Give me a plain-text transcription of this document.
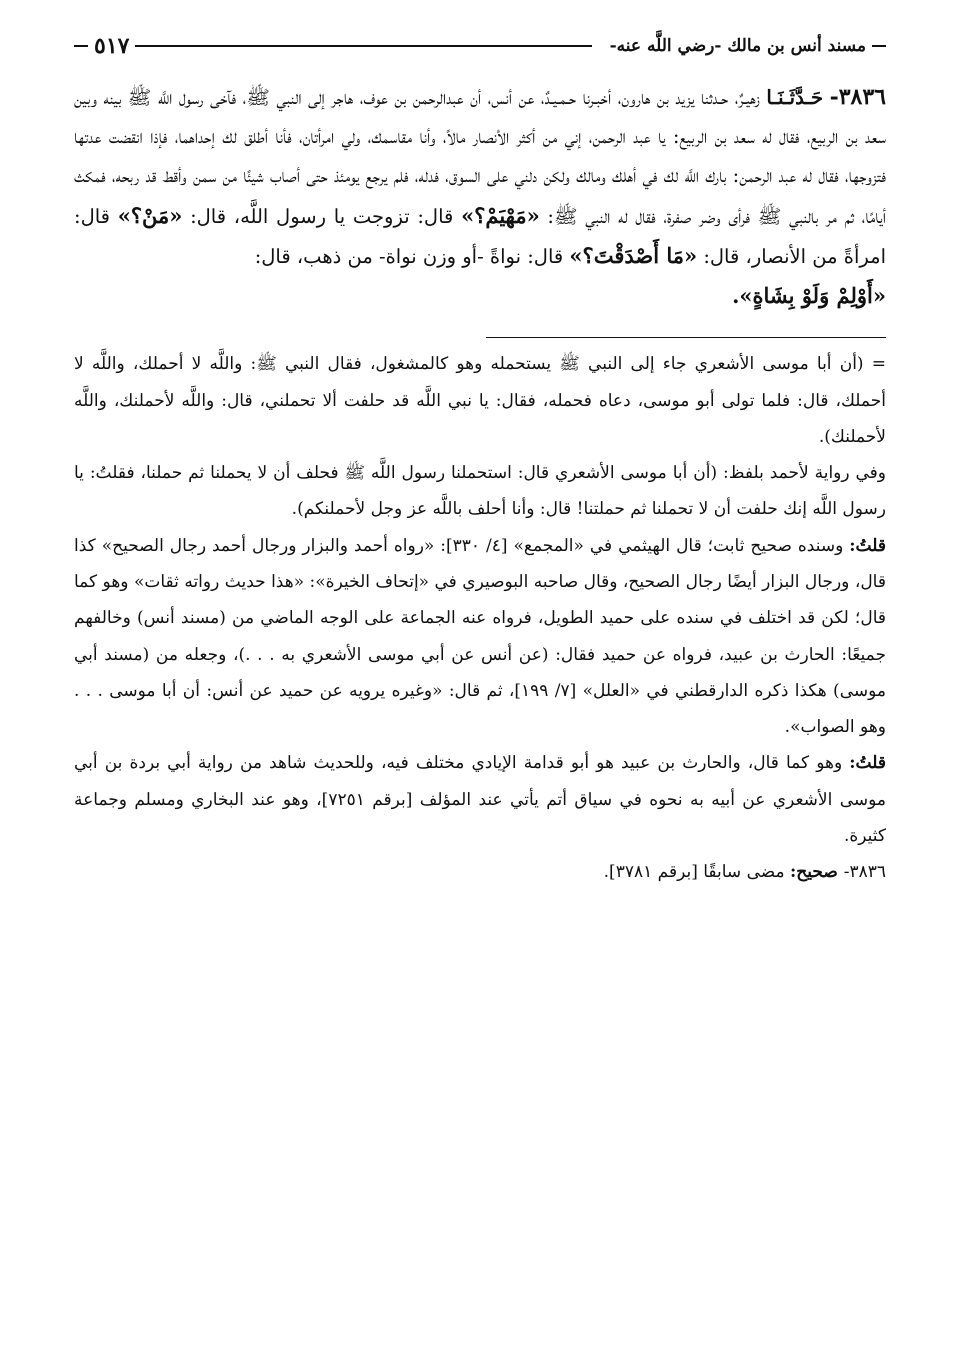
مسند أنس بن مالك -رضي اللَّه عنه-
٥١٧
٣٨٣٦- حَـدَّثَـنَـا زهيـرٌ، حـدثنا يزيد بن هارون، أخبـرنا حـمـيـدٌ، عن أنس، أن عبدالرحمن بن عوف، هاجر إلى النبي ﷺ، فآخى رسول اللَّه ﷺ بينه وبين سعد بن الربيع، فقال له سعد بن الربيع: يا عبد الرحمن، إني من أكثر الأنصار مالاً، وأنا مقاسمك، ولي امرأتان، فأنا أطلق لك إحداهما، فإذا انقضت عدتها فتزوجها، فقال له عبد الرحمن: بارك اللَّه لك في أهلك ومالك ولكن دلني على السوق، فدله، فلم يرجع يومئذ حتى أصاب شيئًا من سمن وأقط قد ربحه، فمكث أيامًا، ثم مر بالنبي ﷺ فرأى وضر صفرة، فقال له النبي ﷺ: «مَهْيَمْ؟» قال: تزوجت يا رسول اللَّه، قال: «مَنْ؟» قال: امرأةً من الأنصار، قال: «مَا أَصْدَقْتَ؟» قال: نواةً -أو وزن نواة- من ذهب، قال:
«أَوْلِمْ وَلَوْ بِشَاةٍ».

= (أن أبا موسى الأشعري جاء إلى النبي ﷺ يستحمله وهو كالمشغول، فقال النبي ﷺ: واللَّه لا أحملك، واللَّه لا أحملك، قال: فلما تولى أبو موسى، دعاه فحمله، فقال: يا نبي اللَّه قد حلفت ألا تحملني، قال: واللَّه لأحملنك، واللَّه لأحملنك).

وفي رواية لأحمد بلفظ: (أن أبا موسى الأشعري قال: استحملنا رسول اللَّه ﷺ فحلف أن لا يحملنا ثم حملنا، فقلتُ: يا رسول اللَّه إنك حلفت أن لا تحملنا ثم حملتنا! قال: وأنا أحلف باللَّه عز وجل لأحملنكم).

قلتُ: وسنده صحيح ثابت؛ قال الهيثمي في «المجمع» [٤/ ٣٣٠]: «رواه أحمد والبزار ورجال أحمد رجال الصحيح» كذا قال، ورجال البزار أيضًا رجال الصحيح، وقال صاحبه البوصيري في «إتحاف الخيرة»: «هذا حديث رواته ثقات» وهو كما قال؛ لكن قد اختلف في سنده على حميد الطويل، فرواه عنه الجماعة على الوجه الماضي من (مسند أنس) وخالفهم جميعًا: الحارث بن عبيد، فرواه عن حميد فقال: (عن أنس عن أبي موسى الأشعري به . . .)، وجعله من (مسند أبي موسى) هكذا ذكره الدارقطني في «العلل» [٧/ ١٩٩]، ثم قال: «وغيره يرويه عن حميد عن أنس: أن أبا موسى . . . وهو الصواب».

قلتُ: وهو كما قال، والحارث بن عبيد هو أبو قدامة الإيادي مختلف فيه، وللحديث شاهد من رواية أبي بردة بن أبي موسى الأشعري عن أبيه به نحوه في سياق أتم يأتي عند المؤلف [برقم ٧٢٥١]، وهو عند البخاري ومسلم وجماعة كثيرة.

٣٨٣٦- صحيح: مضى سابقًا [برقم ٣٧٨١].
